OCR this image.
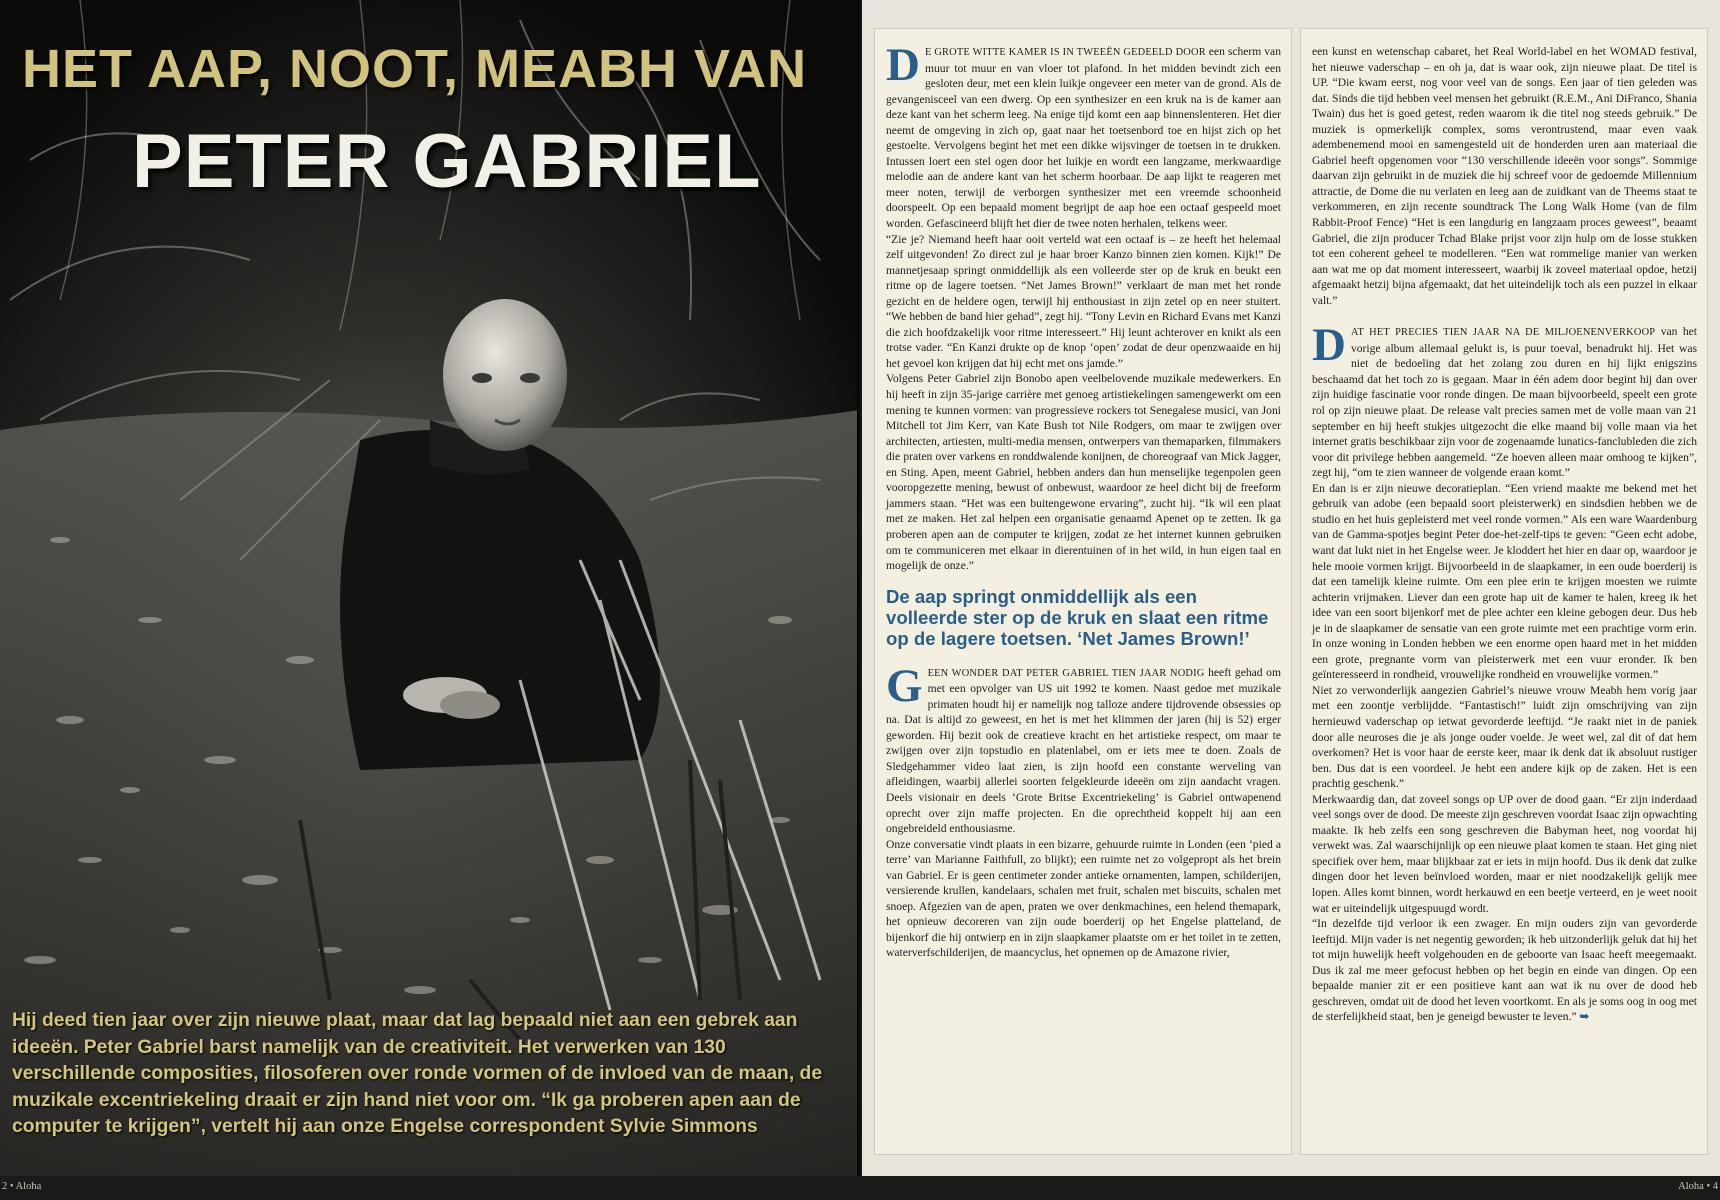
HET AAP, NOOT, MEABH VAN
PETER GABRIEL
Hij deed tien jaar over zijn nieuwe plaat, maar dat lag bepaald niet aan een gebrek aan ideeën. Peter Gabriel barst namelijk van de creativiteit. Het verwerken van 130 verschillende composities, filosoferen over ronde vormen of de invloed van de maan, de muzikale excentriekeling draait er zijn hand niet voor om. “Ik ga proberen apen aan de computer te krijgen”, vertelt hij aan onze Engelse correspondent Sylvie Simmons

DE GROTE WITTE KAMER IS IN TWEEËN GEDEELD DOOR een scherm van muur tot muur en van vloer tot plafond. In het midden bevindt zich een gesloten deur, met een klein luikje ongeveer een meter van de grond. Als de gevangenisceel van een dwerg. Op een synthesizer en een kruk na is de kamer aan deze kant van het scherm leeg. Na enige tijd komt een aap binnenslenteren. Het dier neemt de omgeving in zich op, gaat naar het toetsenbord toe en hijst zich op het gestoelte. Vervolgens begint het met een dikke wijsvinger de toetsen in te drukken. Intussen loert een stel ogen door het luikje en wordt een langzame, merkwaardige melodie aan de andere kant van het scherm hoorbaar. De aap lijkt te reageren met meer noten, terwijl de verborgen synthesizer met een vreemde schoonheid doorspeelt. Op een bepaald moment begrijpt de aap hoe een octaaf gespeeld moet worden. Gefascineerd blijft het dier de twee noten herhalen, telkens weer.

“Zie je? Niemand heeft haar ooit verteld wat een octaaf is – ze heeft het helemaal zelf uitgevonden! Zo direct zul je haar broer Kanzo binnen zien komen. Kijk!” De mannetjesaap springt onmiddellijk als een volleerde ster op de kruk en beukt een ritme op de lagere toetsen. “Net James Brown!” verklaart de man met het ronde gezicht en de heldere ogen, terwijl hij enthousiast in zijn zetel op en neer stuitert. “We hebben de band hier gehad”, zegt hij. “Tony Levin en Richard Evans met Kanzi die zich hoofdzakelijk voor ritme interesseert.” Hij leunt achterover en knikt als een trotse vader. “En Kanzi drukte op de knop ‘open’ zodat de deur openzwaaide en hij het gevoel kon krijgen dat hij echt met ons jamde.”

Volgens Peter Gabriel zijn Bonobo apen veelbelovende muzikale medewerkers. En hij heeft in zijn 35-jarige carrière met genoeg artistiekelingen samengewerkt om een mening te kunnen vormen: van progressieve rockers tot Senegalese musici, van Joni Mitchell tot Jim Kerr, van Kate Bush tot Nile Rodgers, om maar te zwijgen over architecten, artiesten, multi-media mensen, ontwerpers van themaparken, filmmakers die praten over varkens en ronddwalende konijnen, de choreograaf van Mick Jagger, en Sting. Apen, meent Gabriel, hebben anders dan hun menselijke tegenpolen geen vooropgezette mening, bewust of onbewust, waardoor ze heel dicht bij de freeform jammers staan. “Het was een buitengewone ervaring”, zucht hij. “Ik wil een plaat met ze maken. Het zal helpen een organisatie genaamd Apenet op te zetten. Ik ga proberen apen aan de computer te krijgen, zodat ze het internet kunnen gebruiken om te communiceren met elkaar in dierentuinen of in het wild, in hun eigen taal en mogelijk de onze.”

De aap springt onmiddellijk als een volleerde ster op de kruk en slaat een ritme op de lagere toetsen. ‘Net James Brown!’

GEEN WONDER DAT PETER GABRIEL TIEN JAAR NODIG heeft gehad om met een opvolger van US uit 1992 te komen. Naast gedoe met muzikale primaten houdt hij er namelijk nog talloze andere tijdrovende obsessies op na. Dat is altijd zo geweest, en het is met het klimmen der jaren (hij is 52) erger geworden. Hij bezit ook de creatieve kracht en het artistieke respect, om maar te zwijgen over zijn topstudio en platenlabel, om er iets mee te doen. Zoals de Sledgehammer video laat zien, is zijn hoofd een constante werveling van afleidingen, waarbij allerlei soorten felgekleurde ideeën om zijn aandacht vragen. Deels visionair en deels ‘Grote Britse Excentriekeling’ is Gabriel ontwapenend oprecht over zijn maffe projecten. En die oprechtheid koppelt hij aan een ongebreideld enthousiasme.

Onze conversatie vindt plaats in een bizarre, gehuurde ruimte in Londen (een ‘pied a terre’ van Marianne Faithfull, zo blijkt); een ruimte net zo volgepropt als het brein van Gabriel. Er is geen centimeter zonder antieke ornamenten, lampen, schilderijen, versierende krullen, kandelaars, schalen met fruit, schalen met biscuits, schalen met snoep. Afgezien van de apen, praten we over denkmachines, een helend themapark, het opnieuw decoreren van zijn oude boerderij op het Engelse platteland, de bijenkorf die hij ontwierp en in zijn slaapkamer plaatste om er het toilet in te zetten, waterverfschilderijen, de maancyclus, het opnemen op de Amazone rivier,

een kunst en wetenschap cabaret, het Real World-label en het WOMAD festival, het nieuwe vaderschap – en oh ja, dat is waar ook, zijn nieuwe plaat. De titel is UP. “Die kwam eerst, nog voor veel van de songs. Een jaar of tien geleden was dat. Sinds die tijd hebben veel mensen het gebruikt (R.E.M., Ani DiFranco, Shania Twain) dus het is goed getest, reden waarom ik die titel nog steeds gebruik.” De muziek is opmerkelijk complex, soms verontrustend, maar even vaak adembenemend mooi en samengesteld uit de honderden uren aan materiaal die Gabriel heeft opgenomen voor “130 verschillende ideeën voor songs”. Sommige daarvan zijn gebruikt in de muziek die hij schreef voor de gedoemde Millennium attractie, de Dome die nu verlaten en leeg aan de zuidkant van de Theems staat te verkommeren, en zijn recente soundtrack The Long Walk Home (van de film Rabbit-Proof Fence) “Het is een langdurig en langzaam proces geweest”, beaamt Gabriel, die zijn producer Tchad Blake prijst voor zijn hulp om de losse stukken tot een coherent geheel te modelleren. “Een wat rommelige manier van werken aan wat me op dat moment interesseert, waarbij ik zoveel materiaal opdoe, hetzij afgemaakt hetzij bijna afgemaakt, dat het uiteindelijk toch als een puzzel in elkaar valt.”

DAT HET PRECIES TIEN JAAR NA DE MILJOENENVERKOOP van het vorige album allemaal gelukt is, is puur toeval, benadrukt hij. Het was niet de bedoeling dat het zolang zou duren en hij lijkt enigszins beschaamd dat het toch zo is gegaan. Maar in één adem door begint hij dan over zijn huidige fascinatie voor ronde dingen. De maan bijvoorbeeld, speelt een grote rol op zijn nieuwe plaat. De release valt precies samen met de volle maan van 21 september en hij heeft stukjes uitgezocht die elke maand bij volle maan via het internet gratis beschikbaar zijn voor de zogenaamde lunatics-fanclubleden die zich voor dit privilege hebben aangemeld. “Ze hoeven alleen maar omhoog te kijken”, zegt hij, “om te zien wanneer de volgende eraan komt.”

En dan is er zijn nieuwe decoratieplan. “Een vriend maakte me bekend met het gebruik van adobe (een bepaald soort pleisterwerk) en sindsdien hebben we de studio en het huis gepleisterd met veel ronde vormen.” Als een ware Waardenburg van de Gamma-spotjes begint Peter doe-het-zelf-tips te geven: “Geen echt adobe, want dat lukt niet in het Engelse weer. Je kloddert het hier en daar op, waardoor je hele mooie vormen krijgt. Bijvoorbeeld in de slaapkamer, in een oude boerderij is dat een tamelijk kleine ruimte. Om een plee erin te krijgen moesten we ruimte achterin vrijmaken. Liever dan een grote hap uit de kamer te halen, kreeg ik het idee van een soort bijenkorf met de plee achter een kleine gebogen deur. Dus heb je in de slaapkamer de sensatie van een grote ruimte met een prachtige vorm erin. In onze woning in Londen hebben we een enorme open haard met in het midden een grote, pregnante vorm van pleisterwerk met een vuur eronder. Ik ben geïnteresseerd in rondheid, vrouwelijke rondheid en vrouwelijke vormen.”

Niet zo verwonderlijk aangezien Gabriel’s nieuwe vrouw Meabh hem vorig jaar met een zoontje verblijdde. “Fantastisch!” luidt zijn omschrijving van zijn hernieuwd vaderschap op ietwat gevorderde leeftijd. “Je raakt niet in de paniek door alle neuroses die je als jonge ouder voelde. Je weet wel, zal dit of dat hem overkomen? Het is voor haar de eerste keer, maar ik denk dat ik absoluut rustiger ben. Dus dat is een voordeel. Je hebt een andere kijk op de zaken. Het is een prachtig geschenk.”

Merkwaardig dan, dat zoveel songs op UP over de dood gaan. “Er zijn inderdaad veel songs over de dood. De meeste zijn geschreven voordat Isaac zijn opwachting maakte. Ik heb zelfs een song geschreven die Babyman heet, nog voordat hij verwekt was. Zal waarschijnlijk op een nieuwe plaat komen te staan. Het ging niet specifiek over hem, maar blijkbaar zat er iets in mijn hoofd. Dus ik denk dat zulke dingen door het leven beïnvloed worden, maar er niet noodzakelijk gelijk mee lopen. Alles komt binnen, wordt herkauwd en een beetje verteerd, en je weet nooit wat er uiteindelijk uitgespuugd wordt.

“In dezelfde tijd verloor ik een zwager. En mijn ouders zijn van gevorderde leeftijd. Mijn vader is net negentig geworden; ik heb uitzonderlijk geluk dat hij het tot mijn huwelijk heeft volgehouden en de geboorte van Isaac heeft meegemaakt. Dus ik zal me meer gefocust hebben op het begin en einde van dingen. Op een bepaalde manier zit er een positieve kant aan wat ik nu over de dood heb geschreven, omdat uit de dood het leven voortkomt. En als je soms oog in oog met de sterfelijkheid staat, ben je geneigd bewuster te leven.” ➥

2 • Aloha	Aloha • 4
